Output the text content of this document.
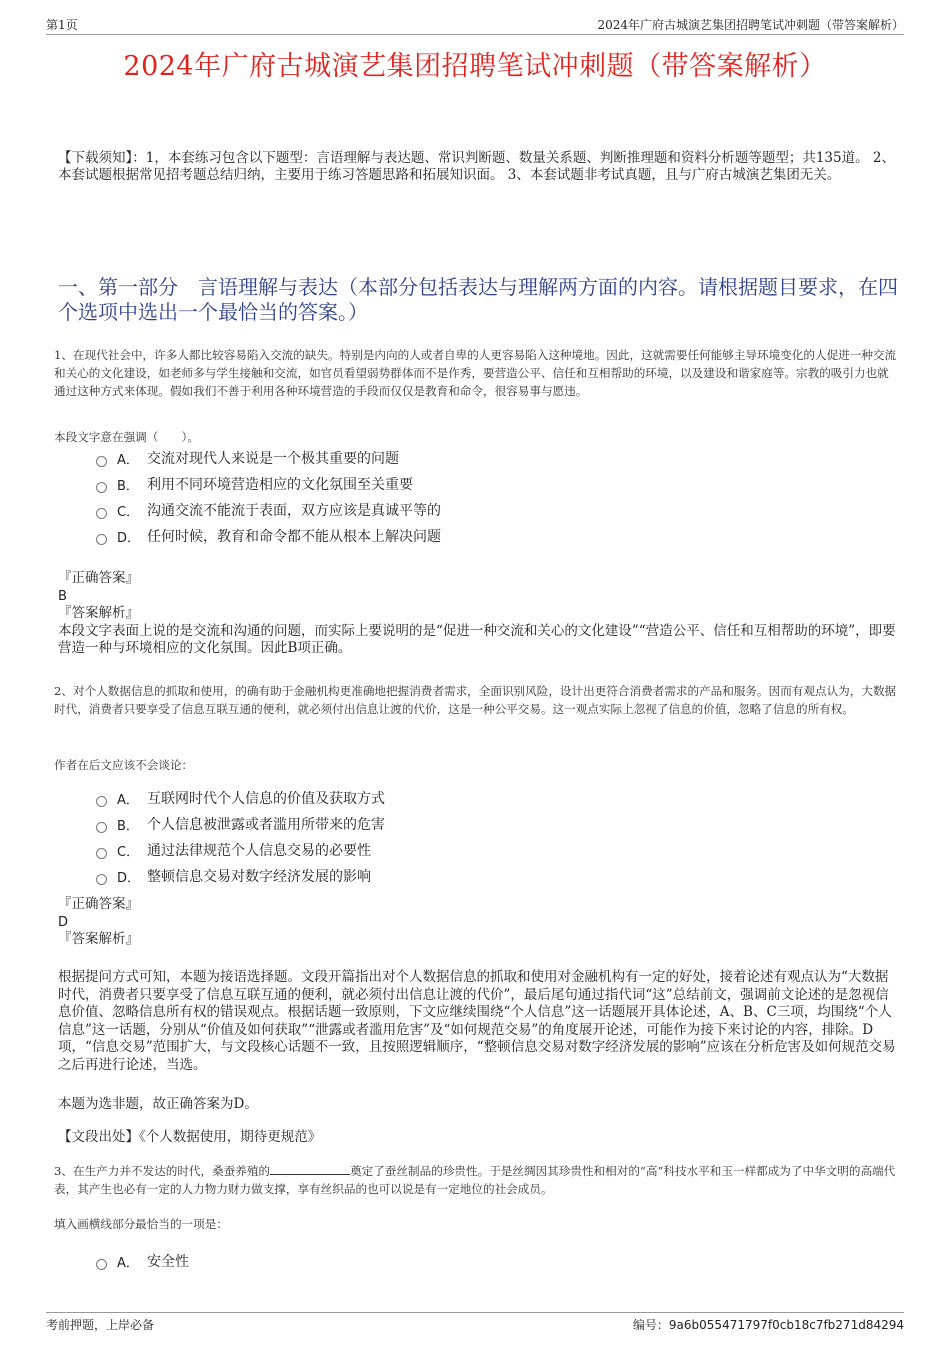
第1页	2024年广府古城演艺集团招聘笔试冲刺题（带答案解析）
2024年广府古城演艺集团招聘笔试冲刺题（带答案解析）
【下载须知】：1，本套练习包含以下题型：言语理解与表达题、常识判断题、数量关系题、判断推理题和资料分析题等题型；共135道。 2、本套试题根据常见招考题总结归纳，主要用于练习答题思路和拓展知识面。 3、本套试题非考试真题，且与广府古城演艺集团无关。
一、第一部分　言语理解与表达（本部分包括表达与理解两方面的内容。请根据题目要求，在四个选项中选出一个最恰当的答案。）
1、在现代社会中，许多人都比较容易陷入交流的缺失。特别是内向的人或者自卑的人更容易陷入这种境地。因此，这就需要任何能够主导环境变化的人促进一种交流和关心的文化建设，如老师多与学生接触和交流，如官员看望弱势群体而不是作秀，要营造公平、信任和互相帮助的环境，以及建设和谐家庭等。宗教的吸引力也就通过这种方式来体现。假如我们不善于利用各种环境营造的手段而仅仅是教育和命令，很容易事与愿违。
本段文字意在强调（　　）。
A． 交流对现代人来说是一个极其重要的问题
B． 利用不同环境营造相应的文化氛围至关重要
C． 沟通交流不能流于表面，双方应该是真诚平等的
D． 任何时候，教育和命令都不能从根本上解决问题
『正确答案』
B
『答案解析』
本段文字表面上说的是交流和沟通的问题，而实际上要说明的是“促进一种交流和关心的文化建设”“营造公平、信任和互相帮助的环境”，即要营造一种与环境相应的文化氛围。因此B项正确。
2、对个人数据信息的抓取和使用，的确有助于金融机构更准确地把握消费者需求，全面识别风险，设计出更符合消费者需求的产品和服务。因而有观点认为，大数据时代，消费者只要享受了信息互联互通的便利，就必须付出信息让渡的代价，这是一种公平交易。这一观点实际上忽视了信息的价值，忽略了信息的所有权。
作者在后文应该不会谈论：
A． 互联网时代个人信息的价值及获取方式
B． 个人信息被泄露或者滥用所带来的危害
C． 通过法律规范个人信息交易的必要性
D． 整顿信息交易对数字经济发展的影响
『正确答案』
D
『答案解析』
根据提问方式可知，本题为接语选择题。文段开篇指出对个人数据信息的抓取和使用对金融机构有一定的好处，接着论述有观点认为“大数据时代，消费者只要享受了信息互联互通的便利，就必须付出信息让渡的代价”，最后尾句通过指代词“这”总结前文，强调前文论述的是忽视信息价值、忽略信息所有权的错误观点。根据话题一致原则，下文应继续围绕“个人信息”这一话题展开具体论述，A、B、C三项，均围绕“个人信息”这一话题，分别从“价值及如何获取”“泄露或者滥用危害”及“如何规范交易”的角度展开论述，可能作为接下来讨论的内容，排除。D项，“信息交易”范围扩大，与文段核心话题不一致，且按照逻辑顺序，“整顿信息交易对数字经济发展的影响”应该在分析危害及如何规范交易之后再进行论述，当选。
本题为选非题，故正确答案为D。
【文段出处】《个人数据使用，期待更规范》
3、在生产力并不发达的时代，桑蚕养殖的	奠定了蚕丝制品的珍贵性。于是丝绸因其珍贵性和相对的“高”科技水平和玉一样都成为了中华文明的高端代表，其产生也必有一定的人力物力财力做支撑，享有丝织品的也可以说是有一定地位的社会成员。
填入画横线部分最恰当的一项是：
A． 安全性
考前押题，上岸必备	编号：9a6b055471797f0cb18c7fb271d84294
